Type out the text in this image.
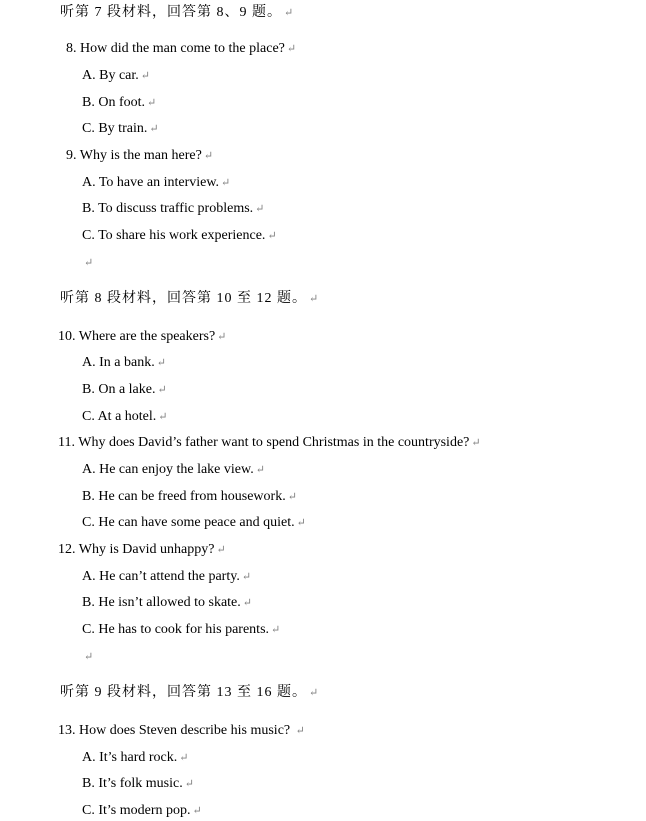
听第 7 段材料，回答第 8、9 题。 ↵
8. How did the man come to the place? ↵
A. By car. ↵
B. On foot. ↵
C. By train. ↵
9. Why is the man here? ↵
A. To have an interview. ↵
B. To discuss traffic problems. ↵
C. To share his work experience. ↵
↵
听第 8 段材料，回答第 10 至 12 题。 ↵
10. Where are the speakers? ↵
A. In a bank. ↵
B. On a lake. ↵
C. At a hotel. ↵
11. Why does David’s father want to spend Christmas in the countryside? ↵
A. He can enjoy the lake view. ↵
B. He can be freed from housework. ↵
C. He can have some peace and quiet. ↵
12. Why is David unhappy? ↵
A. He can’t attend the party. ↵
B. He isn’t allowed to skate. ↵
C. He has to cook for his parents. ↵
↵
听第 9 段材料，回答第 13 至 16 题。 ↵
13. How does Steven describe his music? ↵
A. It’s hard rock. ↵
B. It’s folk music. ↵
C. It’s modern pop. ↵
